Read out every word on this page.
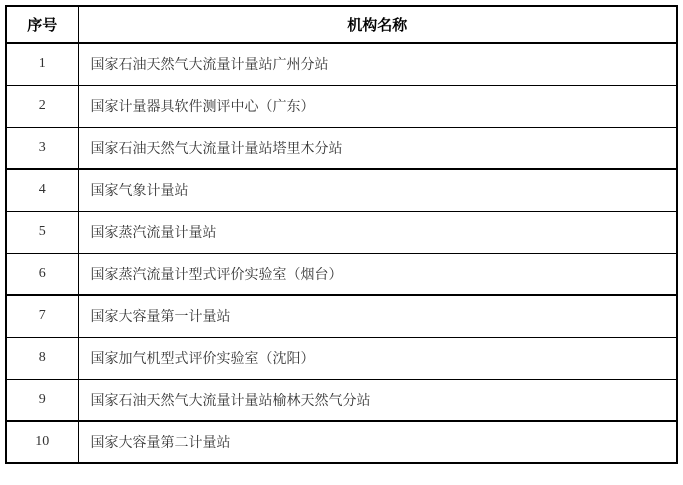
序号	机构名称
1	国家石油天然气大流量计量站广州分站
2	国家计量器具软件测评中心（广东）
3	国家石油天然气大流量计量站塔里木分站
4	国家气象计量站
5	国家蒸汽流量计量站
6	国家蒸汽流量计型式评价实验室（烟台）
7	国家大容量第一计量站
8	国家加气机型式评价实验室（沈阳）
9	国家石油天然气大流量计量站榆林天然气分站
10	国家大容量第二计量站
